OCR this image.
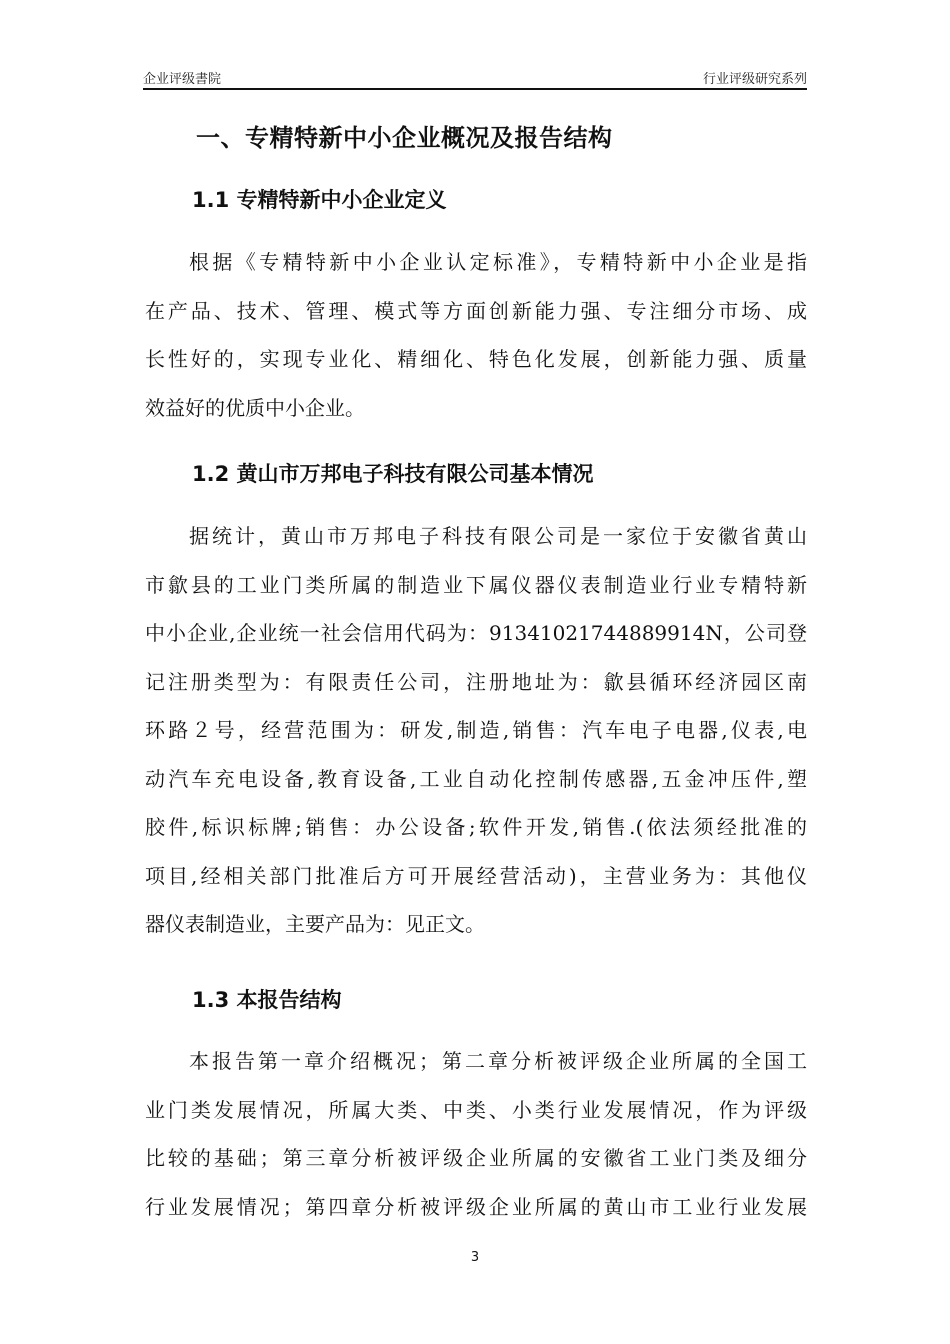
企业评级書院	行业评级研究系列
一、专精特新中小企业概况及报告结构
1.1 专精特新中小企业定义
根据《专精特新中小企业认定标准》，专精特新中小企业是指
在产品、技术、管理、模式等方面创新能力强、专注细分市场、成
长性好的，实现专业化、精细化、特色化发展，创新能力强、质量
效益好的优质中小企业。
1.2 黄山市万邦电子科技有限公司基本情况
据统计，黄山市万邦电子科技有限公司是一家位于安徽省黄山
市歙县的工业门类所属的制造业下属仪器仪表制造业行业专精特新
中小企业,企业统一社会信用代码为：91341021744889914N，公司登
记注册类型为：有限责任公司，注册地址为：歙县循环经济园区南
环路２号，经营范围为：研发,制造,销售：汽车电子电器,仪表,电
动汽车充电设备,教育设备,工业自动化控制传感器,五金冲压件,塑
胶件,标识标牌;销售：办公设备;软件开发,销售.(依法须经批准的
项目,经相关部门批准后方可开展经营活动)，主营业务为：其他仪
器仪表制造业，主要产品为：见正文。
1.3 本报告结构
本报告第一章介绍概况；第二章分析被评级企业所属的全国工
业门类发展情况，所属大类、中类、小类行业发展情况，作为评级
比较的基础；第三章分析被评级企业所属的安徽省工业门类及细分
行业发展情况；第四章分析被评级企业所属的黄山市工业行业发展
3
